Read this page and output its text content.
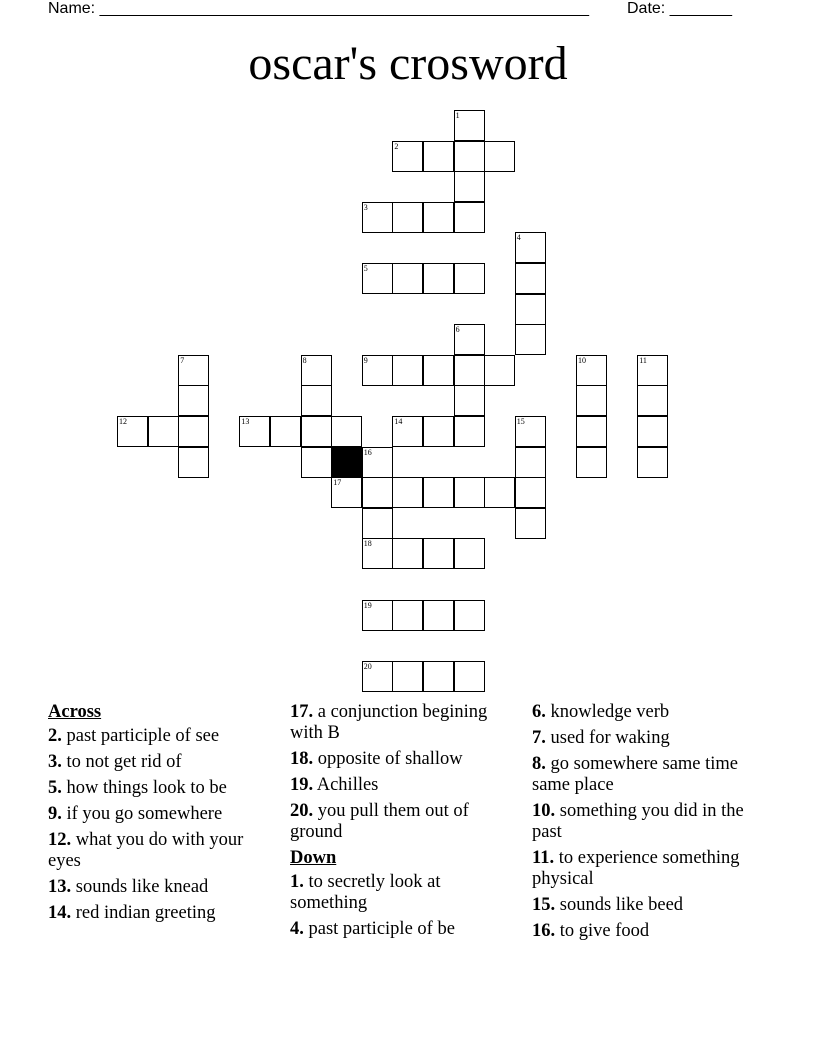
Name: _______________________________________________________ Date: _______
oscar's crosword
1
2
3
4
5
6
7	8	9	10	11
12	13	14	15
16
17
18
19
20
Across
2. past participle of see
3. to not get rid of
5. how things look to be
9. if you go somewhere
12. what you do with your eyes
13. sounds like knead
14. red indian greeting
17. a conjunction begining with B
18. opposite of shallow
19. Achilles
20. you pull them out of ground
Down
1. to secretly look at something
4. past participle of be
6. knowledge verb
7. used for waking
8. go somewhere same time same place
10. something you did in the past
11. to experience something physical
15. sounds like beed
16. to give food
